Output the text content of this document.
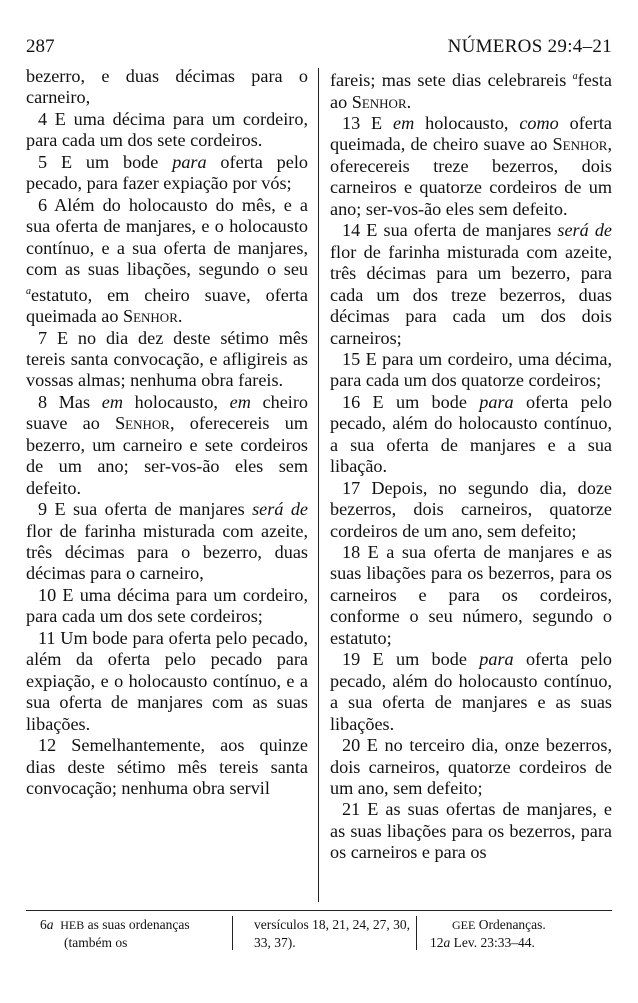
287	NÚMEROS 29:4–21

bezerro, e duas décimas para o carneiro,

4 E uma décima para um cordeiro, para cada um dos sete cordeiros.

5 E um bode para oferta pelo pecado, para fazer expiação por vós;

6 Além do holocausto do mês, e a sua oferta de manjares, e o holocausto contínuo, e a sua oferta de manjares, com as suas libações, segundo o seu $^a$estatuto, em cheiro suave, oferta queimada ao Senhor.

7 E no dia dez deste sétimo mês tereis santa convocação, e afligireis as vossas almas; nenhuma obra fareis.

8 Mas em holocausto, em cheiro suave ao Senhor, oferecereis um bezerro, um carneiro e sete cordeiros de um ano; ser-vos-ão eles sem defeito.

9 E sua oferta de manjares será de flor de farinha misturada com azeite, três décimas para o bezerro, duas décimas para o carneiro,

10 E uma décima para um cordeiro, para cada um dos sete cordeiros;

11 Um bode para oferta pelo pecado, além da oferta pelo pecado para expiação, e o holocausto contínuo, e a sua oferta de manjares com as suas libações.

12 Semelhantemente, aos quinze dias deste sétimo mês tereis santa convocação; nenhuma obra servil

fareis; mas sete dias celebrareis $^a$festa ao Senhor.

13 E em holocausto, como oferta queimada, de cheiro suave ao Senhor, oferecereis treze bezerros, dois carneiros e quatorze cordeiros de um ano; ser-vos-ão eles sem defeito.

14 E sua oferta de manjares será de flor de farinha misturada com azeite, três décimas para um bezerro, para cada um dos treze bezerros, duas décimas para cada um dos dois carneiros;

15 E para um cordeiro, uma décima, para cada um dos quatorze cordeiros;

16 E um bode para oferta pelo pecado, além do holocausto contínuo, a sua oferta de manjares e a sua libação.

17 Depois, no segundo dia, doze bezerros, dois carneiros, quatorze cordeiros de um ano, sem defeito;

18 E a sua oferta de manjares e as suas libações para os bezerros, para os carneiros e para os cordeiros, conforme o seu número, segundo o estatuto;

19 E um bode para oferta pelo pecado, além do holocausto contínuo, a sua oferta de manjares e as suas libações.

20 E no terceiro dia, onze bezerros, dois carneiros, quatorze cordeiros de um ano, sem defeito;

21 E as suas ofertas de manjares, e as suas libações para os bezerros, para os carneiros e para os

6a HEB as suas ordenanças (também os
versículos 18, 21, 24, 27, 30, 33, 37).
GEE Ordenanças.
12a Lev. 23:33–44.
